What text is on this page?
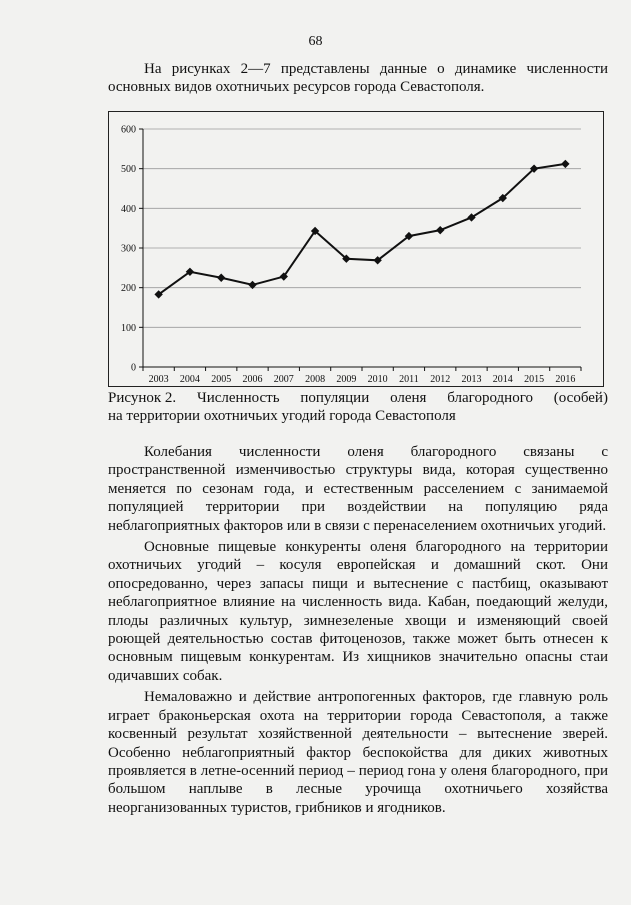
68

На рисунках 2—7 представлены данные о динамике численности основных видов охотничьих ресурсов города Севастополя.

0
100
200
300
400
500
600
2003 2004 2005 2006 2007 2008 2009 2010 2011 2012 2013 2014 2015 2016
Рисунок 2. Численность популяции оленя благородного (особей)
на территории охотничьих угодий города Севастополя

Колебания численности оленя благородного связаны с пространственной изменчивостью структуры вида, которая существенно меняется по сезонам года, и естественным расселением с занимаемой популяцией территории при воздействии на популяцию ряда неблагоприятных факторов или в связи с перенаселением охотничьих угодий.

Основные пищевые конкуренты оленя благородного на территории охотничьих угодий – косуля европейская и домашний скот. Они опосредованно, через запасы пищи и вытеснение с пастбищ, оказывают неблагоприятное влияние на численность вида. Кабан, поедающий желуди, плоды различных культур, зимнезеленые хвощи и изменяющий своей роющей деятельностью состав фитоценозов, также может быть отнесен к основным пищевым конкурентам. Из хищников значительно опасны стаи одичавших собак.

Немаловажно и действие антропогенных факторов, где главную роль играет браконьерская охота на территории города Севастополя, а также косвенный результат хозяйственной деятельности – вытеснение зверей. Особенно неблагоприятный фактор беспокойства для диких животных проявляется в летне-осенний период – период гона у оленя благородного, при большом наплыве в лесные урочища охотничьего хозяйства неорганизованных туристов, грибников и ягодников.
